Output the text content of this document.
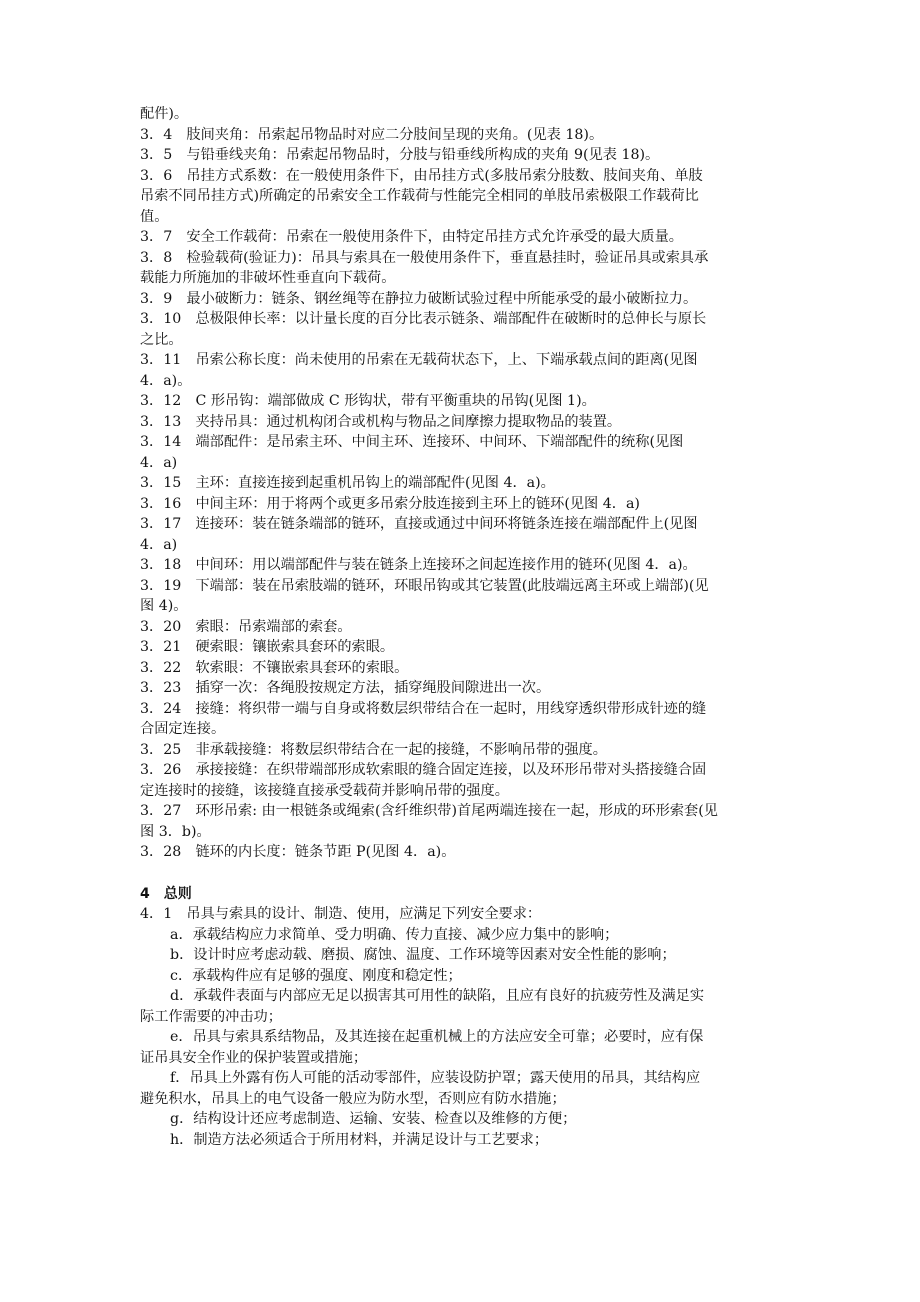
配件)。
3．4　肢间夹角：吊索起吊物品时对应二分肢间呈现的夹角。(见表 18)。
3．5　与铅垂线夹角：吊索起吊物品时，分肢与铅垂线所构成的夹角 9(见表 18)。
3．6　吊挂方式系数：在一般使用条件下，由吊挂方式(多肢吊索分肢数、肢间夹角、单肢
吊索不同吊挂方式)所确定的吊索安全工作载荷与性能完全相同的单肢吊索极限工作载荷比
值。
3．7　安全工作载荷：吊索在一般使用条件下，由特定吊挂方式允许承受的最大质量。
3．8　检验载荷(验证力)：吊具与索具在一般使用条件下，垂直悬挂时，验证吊具或索具承
载能力所施加的非破坏性垂直向下载荷。
3．9　最小破断力：链条、钢丝绳等在静拉力破断试验过程中所能承受的最小破断拉力。
3．10　总极限伸长率：以计量长度的百分比表示链条、端部配件在破断时的总伸长与原长
之比。
3．11　吊索公称长度：尚未使用的吊索在无载荷状态下，上、下端承载点间的距离(见图
4．a)。
3．12　C 形吊钩：端部做成 C 形钩状，带有平衡重块的吊钩(见图 1)。
3．13　夹持吊具：通过机构闭合或机构与物品之间摩擦力提取物品的装置。
3．14　端部配件：是吊索主环、中间主环、连接环、中间环、下端部配件的统称(见图
4．a)
3．15　主环：直接连接到起重机吊钩上的端部配件(见图 4．a)。
3．16　中间主环：用于将两个或更多吊索分肢连接到主环上的链环(见图 4．a)
3．17　连接环：装在链条端部的链环，直接或通过中间环将链条连接在端部配件上(见图
4．a)
3．18　中间环：用以端部配件与装在链条上连接环之间起连接作用的链环(见图 4．a)。
3．19　下端部：装在吊索肢端的链环，环眼吊钩或其它装置(此肢端远离主环或上端部)(见
图 4)。
3．20　索眼：吊索端部的索套。
3．21　硬索眼：镶嵌索具套环的索眼。
3．22　软索眼：不镶嵌索具套环的索眼。
3．23　插穿一次：各绳股按规定方法，插穿绳股间隙进出一次。
3．24　接缝：将织带一端与自身或将数层织带结合在一起时，用线穿透织带形成针迹的缝
合固定连接。
3．25　非承载接缝：将数层织带结合在一起的接缝，不影响吊带的强度。
3．26　承接接缝：在织带端部形成软索眼的缝合固定连接，以及环形吊带对头搭接缝合固
定连接时的接缝，该接缝直接承受载荷并影响吊带的强度。
3．27　环形吊索: 由一根链条或绳索(含纤维织带)首尾两端连接在一起，形成的环形索套(见
图 3．b)。
3．28　链环的内长度：链条节距 P(见图 4．a)。
4　总则
4．1　吊具与索具的设计、制造、使用，应满足下列安全要求：
a．承载结构应力求简单、受力明确、传力直接、减少应力集中的影响；
b．设计时应考虑动载、磨损、腐蚀、温度、工作环境等因素对安全性能的影响；
c．承载构件应有足够的强度、刚度和稳定性；
d．承载件表面与内部应无足以损害其可用性的缺陷，且应有良好的抗疲劳性及满足实
际工作需要的冲击功；
e．吊具与索具系结物品，及其连接在起重机械上的方法应安全可靠；必要时，应有保
证吊具安全作业的保护装置或措施；
f．吊具上外露有伤人可能的活动零部件，应装设防护罩；露天使用的吊具，其结构应
避免积水，吊具上的电气设备一般应为防水型，否则应有防水措施；
g．结构设计还应考虑制造、运输、安装、检查以及维修的方便；
h．制造方法必须适合于所用材料，并满足设计与工艺要求；
